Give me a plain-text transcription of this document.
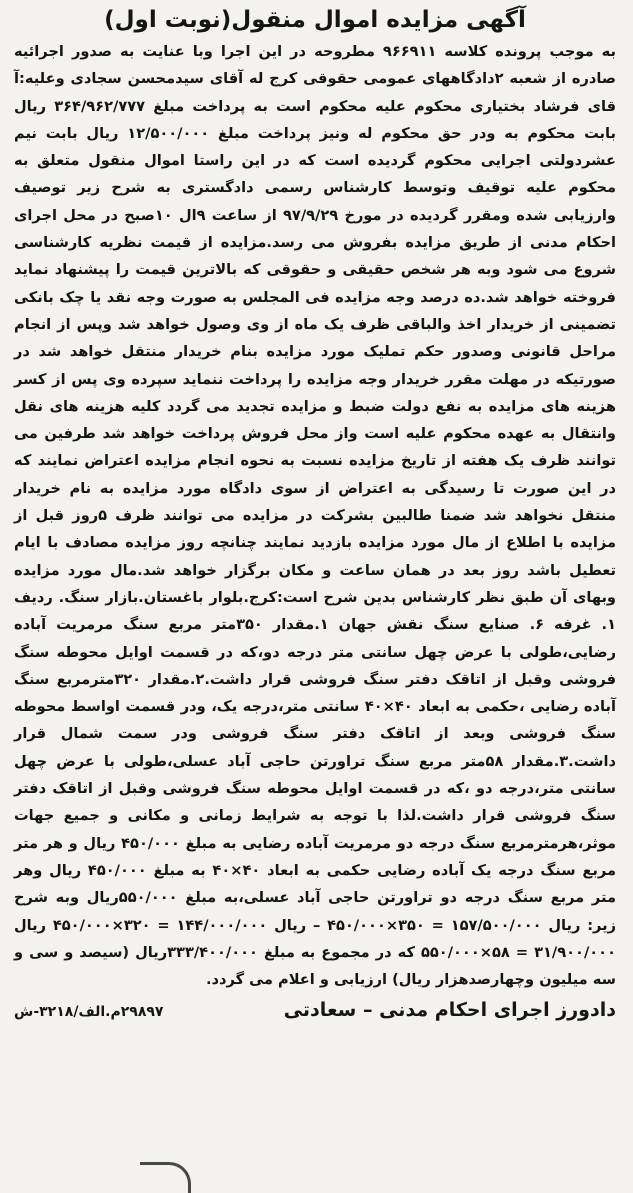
آگهی مزایده اموال منقول(نوبت اول)

به موجب پرونده کلاسه ۹۶۶۹۱۱ مطروحه در این اجرا وبا عنایت به صدور اجرائیه صادره از شعبه ۲دادگاههای عمومی حقوقی کرج له آقای سیدمحسن سجادی وعلیه:آ قای فرشاد بختیاری محکوم علیه محکوم است به پرداخت مبلغ ۳۶۴/۹۶۲/۷۷۷ ریال بابت محکوم به ودر حق محکوم له ونیز پرداخت مبلغ ۱۲/۵۰۰/۰۰۰ ریال بابت نیم عشردولتی اجرایی محکوم گردیده است که در این راستا اموال منقول متعلق به محکوم علیه توقیف وتوسط کارشناس رسمی دادگستری به شرح زیر توصیف وارزیابی شده ومقرر گردیده در مورخ ۹۷/۹/۲۹ از ساعت ۹ال ۱۰صبح در محل اجرای احکام مدنی از طریق مزایده بفروش می رسد.مزایده از قیمت نظریه کارشناسی شروع می شود وبه هر شخص حقیقی و حقوقی که بالاترین قیمت را پیشنهاد نماید فروخته خواهد شد.ده درصد وجه مزایده فی المجلس به صورت وجه نقد یا چک بانکی تضمینی از خریدار اخذ والباقی ظرف یک ماه از وی وصول خواهد شد وپس از انجام مراحل قانونی وصدور حکم تملیک مورد مزایده بنام خریدار منتقل خواهد شد در صورتیکه در مهلت مقرر خریدار وجه مزایده را پرداخت ننماید سپرده وی پس از کسر هزینه های مزایده به نفع دولت ضبط و مزایده تجدید می گردد کلیه هزینه های نقل وانتقال به عهده محکوم علیه است واز محل فروش پرداخت خواهد شد طرفین می توانند ظرف یک هفته از تاریخ مزایده نسبت به نحوه انجام مزایده اعتراض نمایند که در این صورت تا رسیدگی به اعتراض از سوی دادگاه مورد مزایده به نام خریدار منتقل نخواهد شد ضمنا طالبین بشرکت در مزایده می توانند ظرف ۵روز قبل از مزایده با اطلاع از مال مورد مزایده بازدید نمایند چنانچه روز مزایده مصادف با ایام تعطیل باشد روز بعد در همان ساعت و مکان برگزار خواهد شد.مال مورد مزایده وبهای آن طبق نظر کارشناس بدین شرح است:کرج.بلوار باغستان.بازار سنگ. ردیف ۱. غرفه ۶. صنایع سنگ نقش جهان ۱.مقدار ۳۵۰متر مربع سنگ مرمریت آباده رضایی،طولی با عرض چهل سانتی متر درجه دو،که در قسمت اوایل محوطه سنگ فروشی وقبل از اتاقک دفتر سنگ فروشی قرار داشت.۲.مقدار ۳۲۰مترمربع سنگ آباده رضایی ،حکمی به ابعاد ۴۰×۴۰ سانتی متر،درجه یک، ودر قسمت اواسط محوطه سنگ فروشی وبعد از اتاقک دفتر سنگ فروشی ودر سمت شمال قرار داشت.۳.مقدار ۵۸متر مربع سنگ تراورتن حاجی آباد عسلی،طولی با عرض چهل سانتی متر،درجه دو ،که در قسمت اوایل محوطه سنگ فروشی وقبل از اتاقک دفتر سنگ فروشی قرار داشت.لذا با توجه به شرایط زمانی و مکانی و جمیع جهات موثر،هرمترمربع سنگ درجه دو مرمریت آباده رضایی به مبلغ ۴۵۰/۰۰۰ ریال و هر متر مربع سنگ درجه یک آباده رضایی حکمی به ابعاد ۴۰×۴۰ به مبلغ ۴۵۰/۰۰۰ ریال وهر متر مربع سنگ درجه دو تراورتن حاجی آباد عسلی،به مبلغ ۵۵۰/۰۰۰ریال وبه شرح زیر: ریال ۱۵۷/۵۰۰/۰۰۰ = ۳۵۰×۴۵۰/۰۰۰ – ریال ۱۴۴/۰۰۰/۰۰۰ = ۳۲۰×۴۵۰/۰۰۰ ریال ۳۱/۹۰۰/۰۰۰ = ۵۸×۵۵۰/۰۰۰ که در مجموع به مبلغ ۳۳۳/۴۰۰/۰۰۰ریال (سیصد و سی و سه میلیون وچهارصدهزار ریال) ارزیابی و اعلام می گردد.

دادورز اجرای احکام مدنی – سعادتی
۲۹۸۹۷م.الف/۳۲۱۸-ش
